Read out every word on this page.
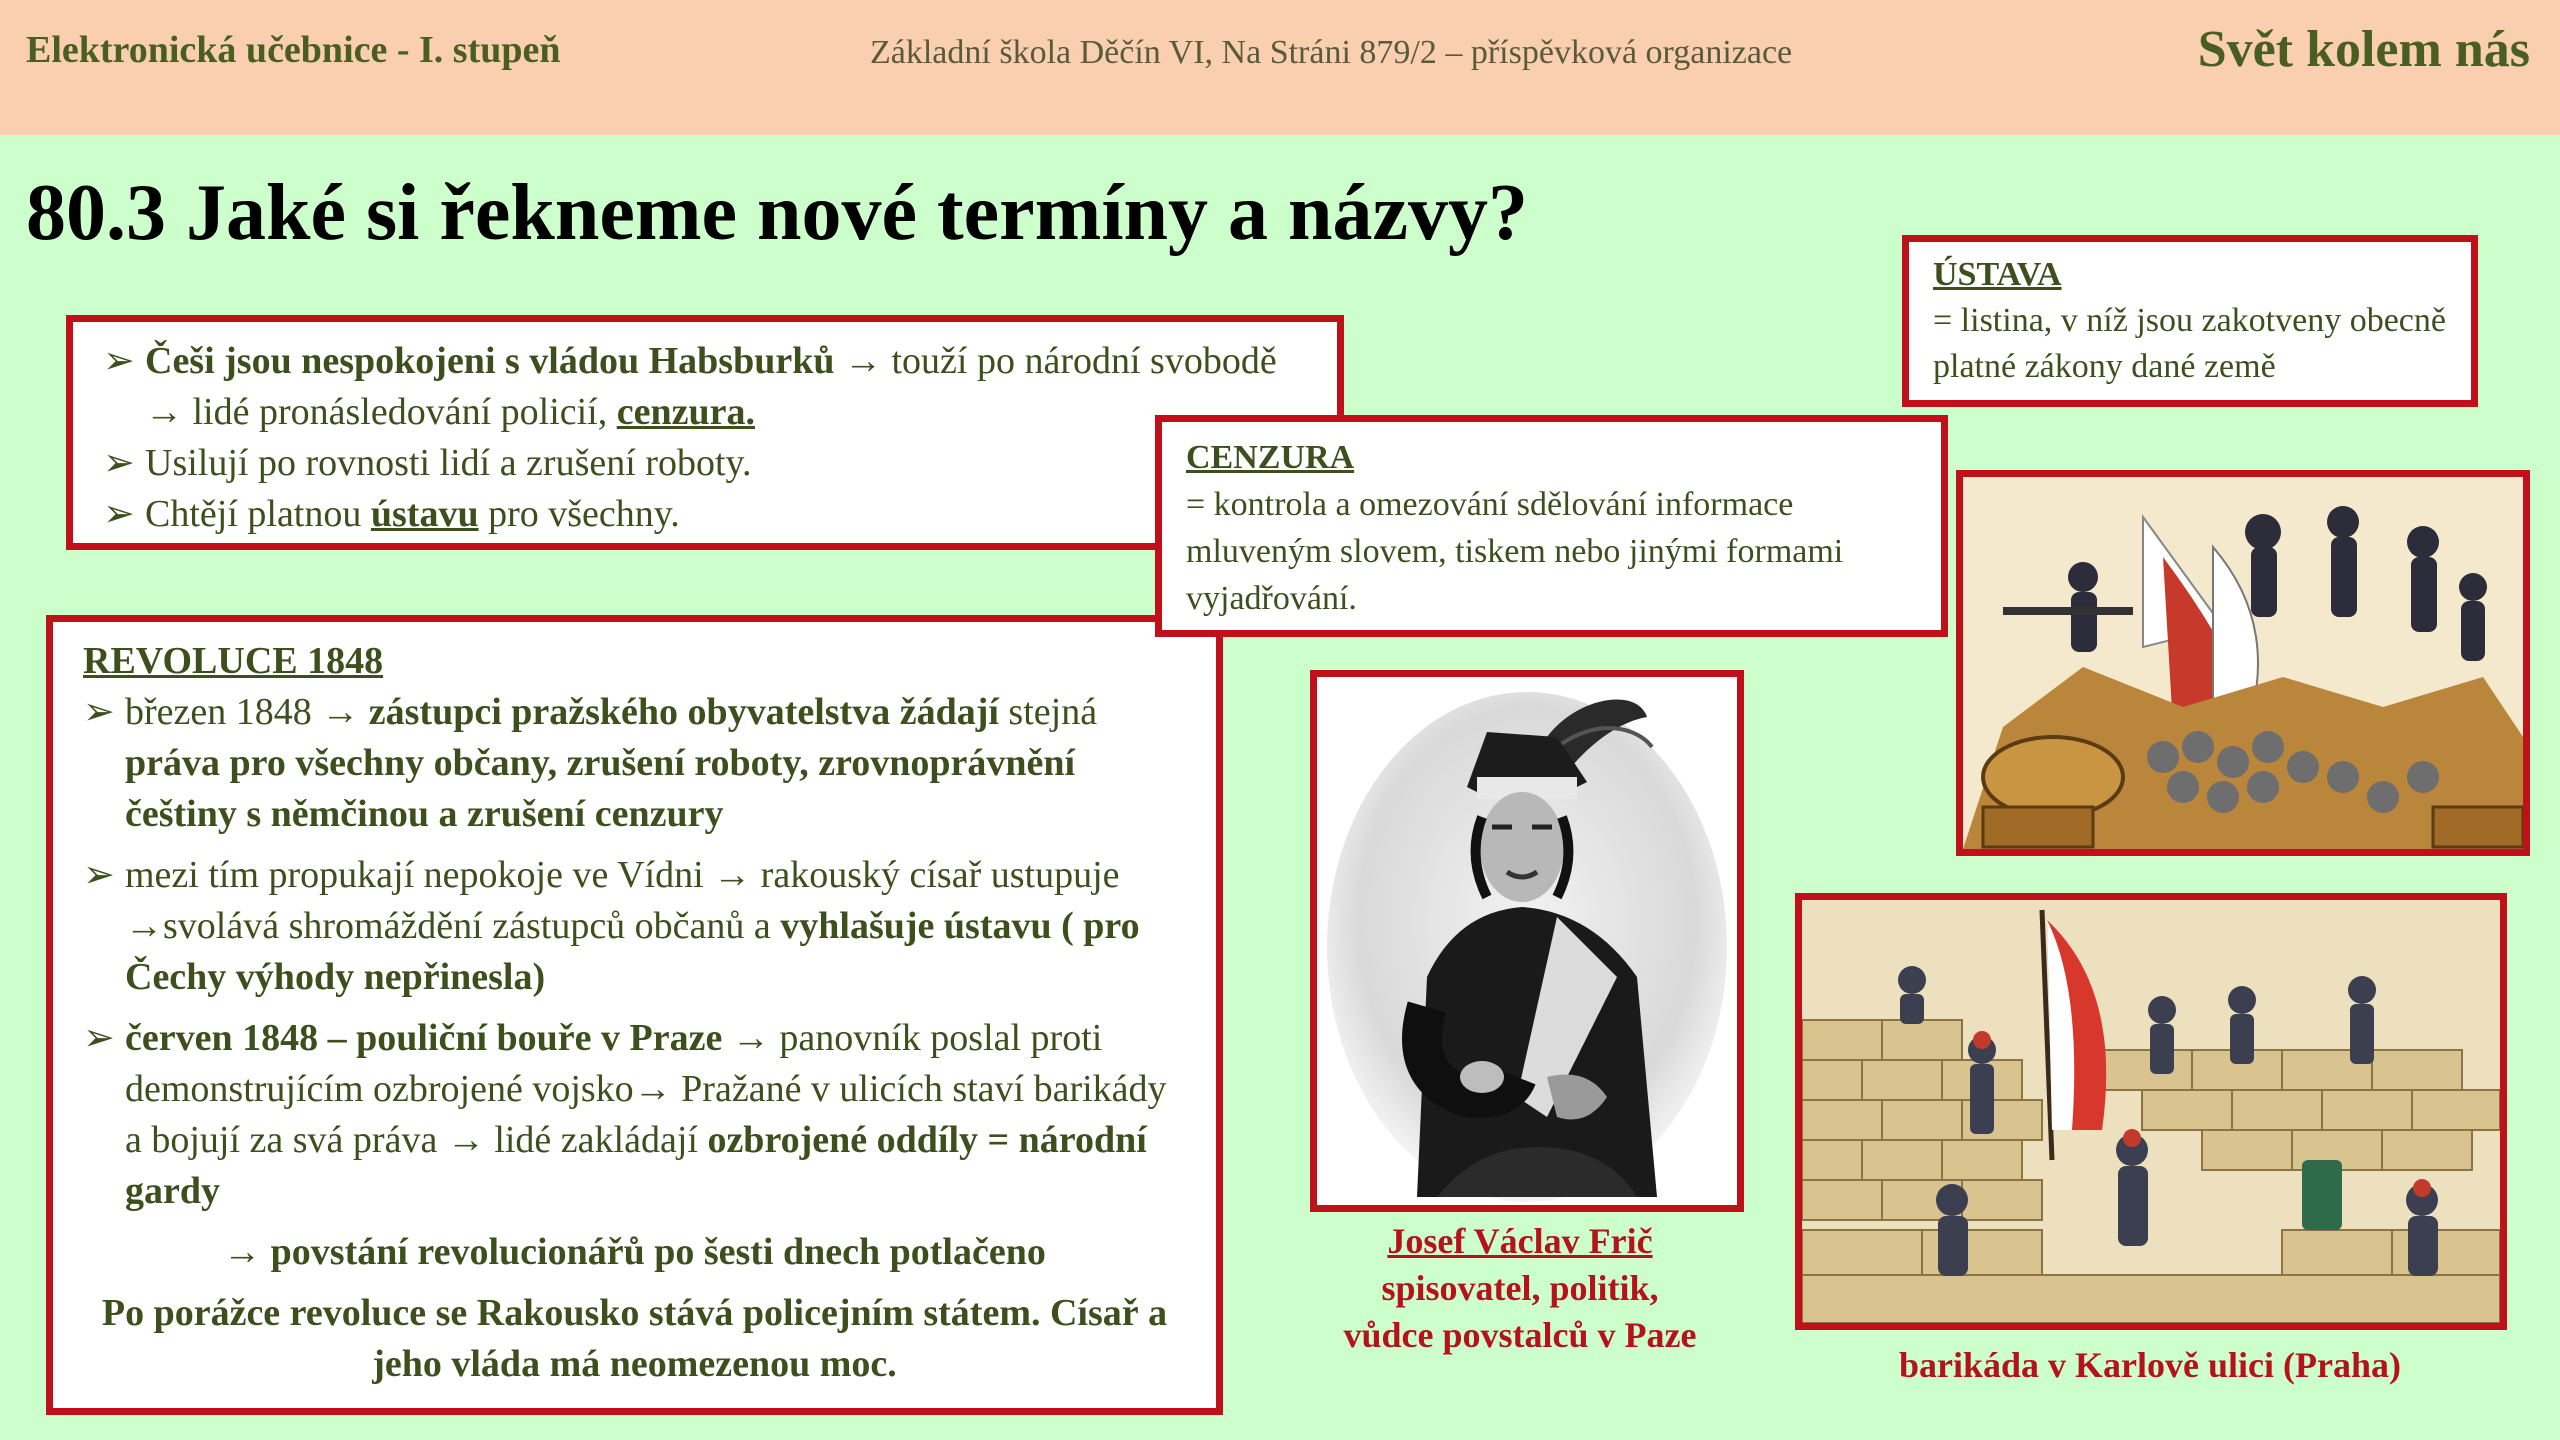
Elektronická učebnice - I. stupeň	Základní škola Děčín VI, Na Stráni 879/2 – příspěvková organizace	Svět kolem nás
80.3 Jaké si řekneme nové termíny a názvy?
➢ Češi jsou nespokojeni s vládou Habsburků → touží po národní svobodě → lidé pronásledování policií, cenzura.
➢ Usilují po rovnosti lidí a zrušení roboty.
➢ Chtějí platnou ústavu pro všechny.
ÚSTAVA
= listina, v níž jsou zakotveny obecně platné zákony dané země
CENZURA
= kontrola a omezování sdělování informace mluveným slovem, tiskem nebo jinými formami vyjadřování.
REVOLUCE 1848
➢ březen 1848 → zástupci pražského obyvatelstva žádají stejná práva pro všechny občany, zrušení roboty, zrovnoprávnění češtiny s němčinou a zrušení cenzury
➢ mezi tím propukají nepokoje ve Vídni → rakouský císař ustupuje →svolává shromáždění zástupců občanů a vyhlašuje ústavu ( pro Čechy výhody nepřinesla)
➢ červen 1848 – pouliční bouře v Praze → panovník poslal proti demonstrujícím ozbrojené vojsko→ Pražané v ulicích staví barikády a bojují za svá práva → lidé zakládají ozbrojené oddíly = národní gardy
→ povstání revolucionářů po šesti dnech potlačeno
Po porážce revoluce se Rakousko stává policejním státem. Císař a jeho vláda má neomezenou moc.
Josef Václav Frič
spisovatel, politik,
vůdce povstalců v Paze
barikáda v Karlově ulici (Praha)
